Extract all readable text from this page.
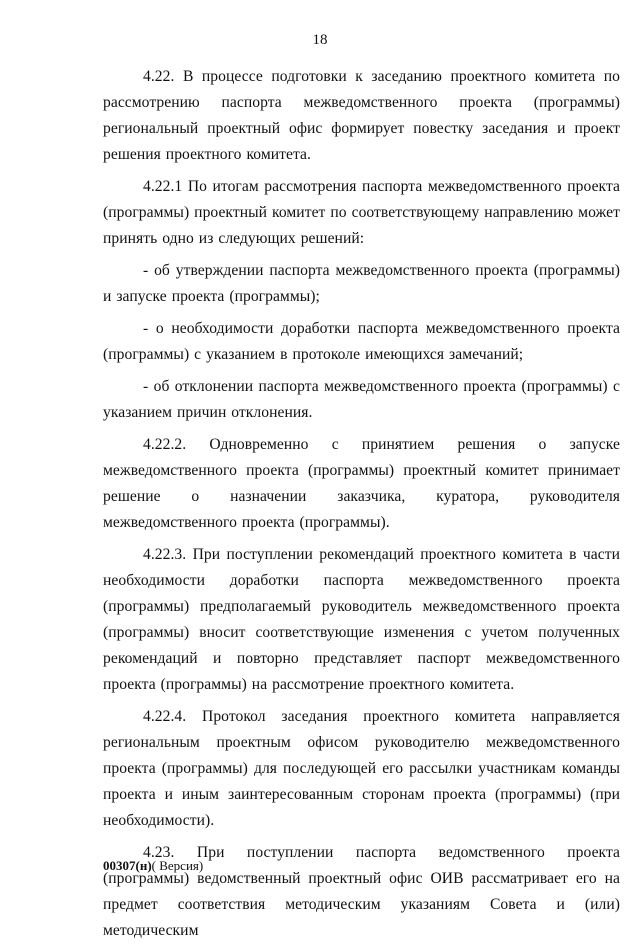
18

4.22. В процессе подготовки к заседанию проектного комитета по рассмотрению паспорта межведомственного проекта (программы) региональный проектный офис формирует повестку заседания и проект решения проектного комитета.

4.22.1 По итогам рассмотрения паспорта межведомственного проекта (программы) проектный комитет по соответствующему направлению может принять одно из следующих решений:

- об утверждении паспорта межведомственного проекта (программы) и запуске проекта (программы);

- о необходимости доработки паспорта межведомственного проекта (программы) с указанием в протоколе имеющихся замечаний;

- об отклонении паспорта межведомственного проекта (программы) с указанием причин отклонения.

4.22.2. Одновременно с принятием решения о запуске межведомственного проекта (программы) проектный комитет принимает решение о назначении заказчика, куратора, руководителя межведомственного проекта (программы).

4.22.3. При поступлении рекомендаций проектного комитета в части необходимости доработки паспорта межведомственного проекта (программы) предполагаемый руководитель межведомственного проекта (программы) вносит соответствующие изменения с учетом полученных рекомендаций и повторно представляет паспорт межведомственного проекта (программы) на рассмотрение проектного комитета.

4.22.4. Протокол заседания проектного комитета направляется региональным проектным офисом руководителю межведомственного проекта (программы) для последующей его рассылки участникам команды проекта и иным заинтересованным сторонам проекта (программы) (при необходимости).

4.23. При поступлении паспорта ведомственного проекта (программы) ведомственный проектный офис ОИВ рассматривает его на предмет соответствия методическим указаниям Совета и (или) методическим

00307(н)( Версия)
